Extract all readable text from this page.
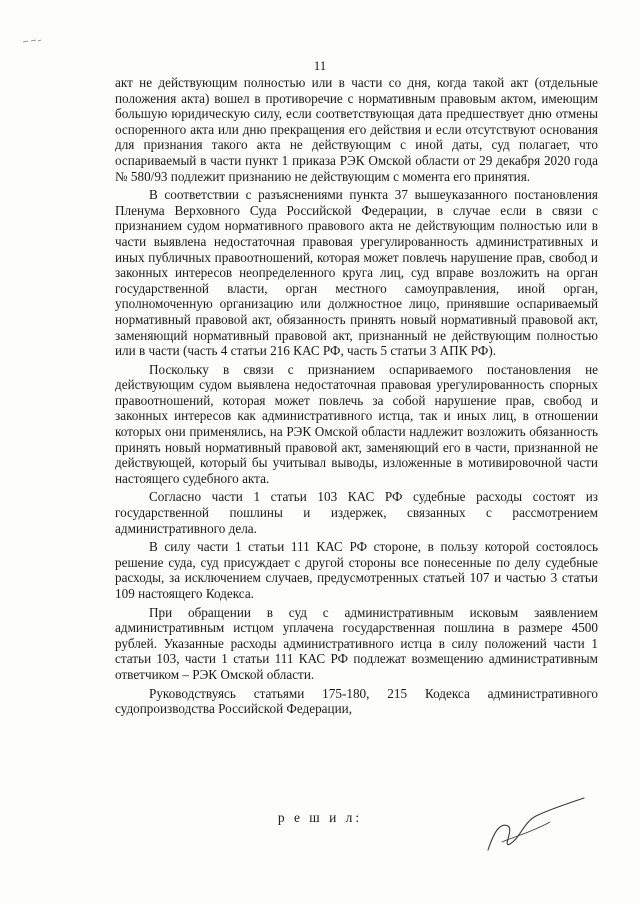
11

акт не действующим полностью или в части со дня, когда такой акт (отдельные положения акта) вошел в противоречие с нормативным правовым актом, имеющим большую юридическую силу, если соответствующая дата предшествует дню отмены оспоренного акта или дню прекращения его действия и если отсутствуют основания для признания такого акта не действующим с иной даты, суд полагает, что оспариваемый в части пункт 1 приказа РЭК Омской области от 29 декабря 2020 года № 580/93 подлежит признанию не действующим с момента его принятия.

В соответствии с разъяснениями пункта 37 вышеуказанного постановления Пленума Верховного Суда Российской Федерации, в случае если в связи с признанием судом нормативного правового акта не действующим полностью или в части выявлена недостаточная правовая урегулированность административных и иных публичных правоотношений, которая может повлечь нарушение прав, свобод и законных интересов неопределенного круга лиц, суд вправе возложить на орган государственной власти, орган местного самоуправления, иной орган, уполномоченную организацию или должностное лицо, принявшие оспариваемый нормативный правовой акт, обязанность принять новый нормативный правовой акт, заменяющий нормативный правовой акт, признанный не действующим полностью или в части (часть 4 статьи 216 КАС РФ, часть 5 статьи 3 АПК РФ).

Поскольку в связи с признанием оспариваемого постановления не действующим судом выявлена недостаточная правовая урегулированность спорных правоотношений, которая может повлечь за собой нарушение прав, свобод и законных интересов как административного истца, так и иных лиц, в отношении которых они применялись, на РЭК Омской области надлежит возложить обязанность принять новый нормативный правовой акт, заменяющий его в части, признанной не действующей, который бы учитывал выводы, изложенные в мотивировочной части настоящего судебного акта.

Согласно части 1 статьи 103 КАС РФ судебные расходы состоят из государственной пошлины и издержек, связанных с рассмотрением административного дела.

В силу части 1 статьи 111 КАС РФ стороне, в пользу которой состоялось решение суда, суд присуждает с другой стороны все понесенные по делу судебные расходы, за исключением случаев, предусмотренных статьей 107 и частью 3 статьи 109 настоящего Кодекса.

При обращении в суд с административным исковым заявлением административным истцом уплачена государственная пошлина в размере 4500 рублей. Указанные расходы административного истца в силу положений части 1 статьи 103, части 1 статьи 111 КАС РФ подлежат возмещению административным ответчиком – РЭК Омской области.

Руководствуясь статьями 175-180, 215 Кодекса административного судопроизводства Российской Федерации,

р е ш и л:
